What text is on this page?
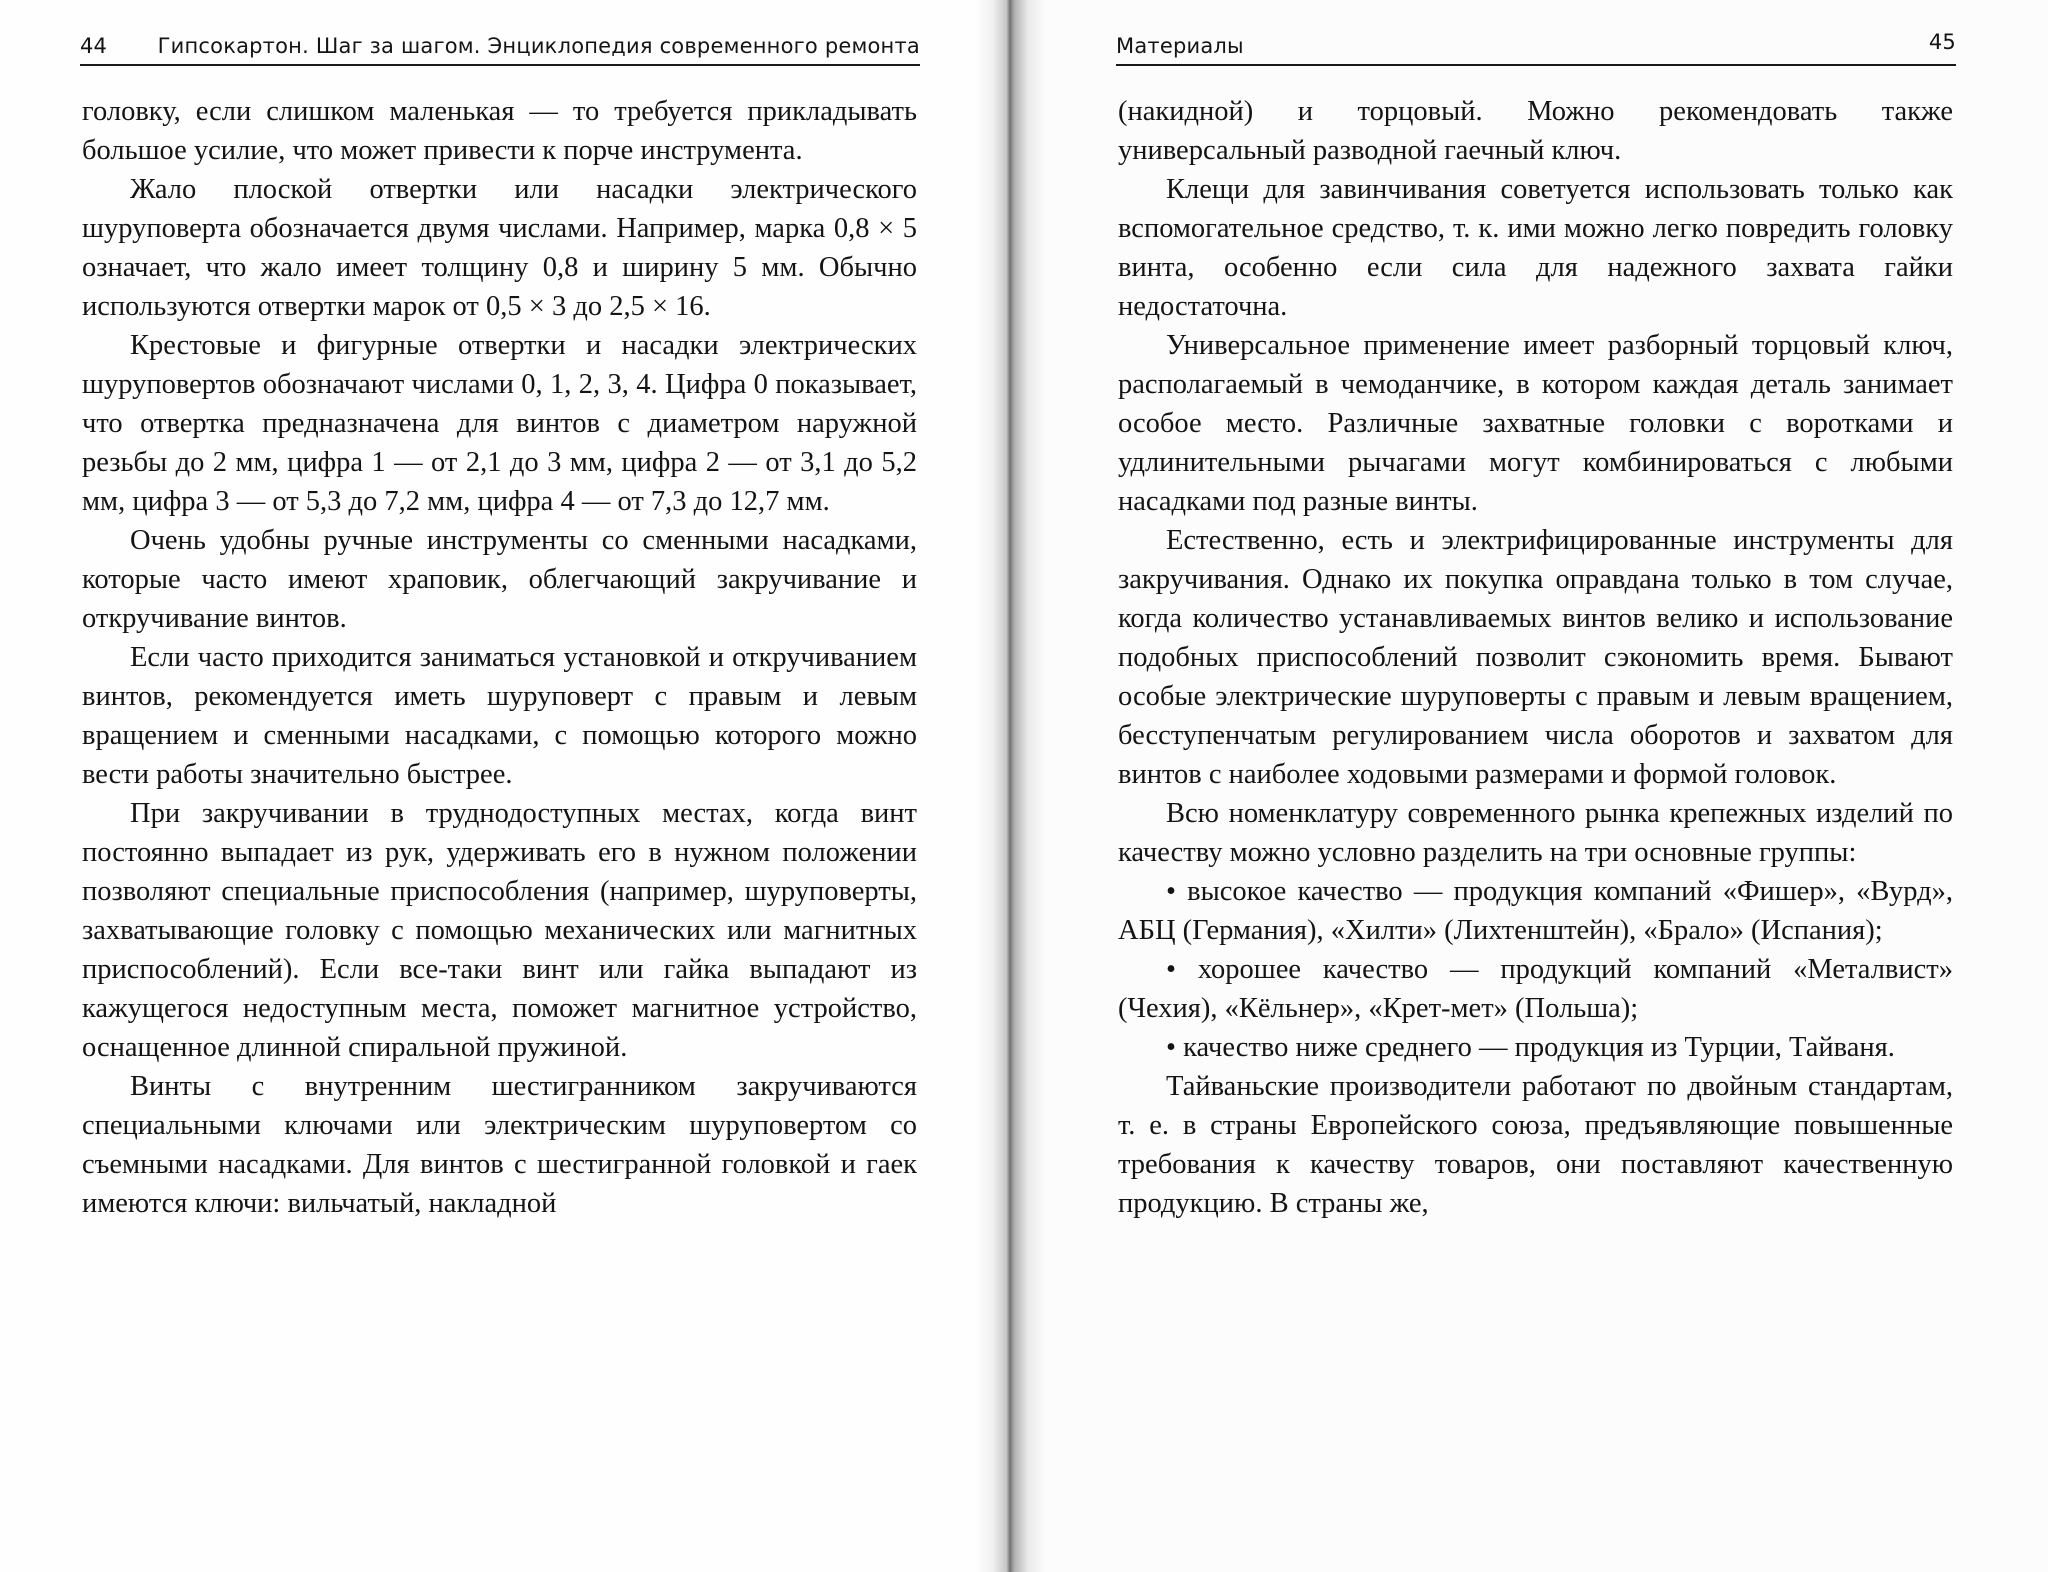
44 Гипсокартон. Шаг за шагом. Энциклопедия современного ремонта

головку, если слишком маленькая — то требуется прикладывать большое усилие, что может привести к порче инструмента.

Жало плоской отвертки или насадки электрического шуруповерта обозначается двумя числами. Например, марка 0,8 × 5 означает, что жало имеет толщину 0,8 и ширину 5 мм. Обычно используются отвертки марок от 0,5 × 3 до 2,5 × 16.

Крестовые и фигурные отвертки и насадки электрических шуруповертов обозначают числами 0, 1, 2, 3, 4. Цифра 0 показывает, что отвертка предназначена для винтов с диаметром наружной резьбы до 2 мм, цифра 1 — от 2,1 до 3 мм, цифра 2 — от 3,1 до 5,2 мм, цифра 3 — от 5,3 до 7,2 мм, цифра 4 — от 7,3 до 12,7 мм.

Очень удобны ручные инструменты со сменными насадками, которые часто имеют храповик, облегчающий закручивание и откручивание винтов.

Если часто приходится заниматься установкой и откручиванием винтов, рекомендуется иметь шуруповерт с правым и левым вращением и сменными насадками, с помощью которого можно вести работы значительно быстрее.

При закручивании в труднодоступных местах, когда винт постоянно выпадает из рук, удерживать его в нужном положении позволяют специальные приспособления (например, шуруповерты, захватывающие головку с помощью механических или магнитных приспособлений). Если все-таки винт или гайка выпадают из кажущегося недоступным места, поможет магнитное устройство, оснащенное длинной спиральной пружиной.

Винты с внутренним шестигранником закручиваются специальными ключами или электрическим шуруповертом со съемными насадками. Для винтов с шестигранной головкой и гаек имеются ключи: вильчатый, накладной

Материалы	45

(накидной) и торцовый. Можно рекомендовать также универсальный разводной гаечный ключ.

Клещи для завинчивания советуется использовать только как вспомогательное средство, т. к. ими можно легко повредить головку винта, особенно если сила для надежного захвата гайки недостаточна.

Универсальное применение имеет разборный торцовый ключ, располагаемый в чемоданчике, в котором каждая деталь занимает особое место. Различные захватные головки с воротками и удлинительными рычагами могут комбинироваться с любыми насадками под разные винты.

Естественно, есть и электрифицированные инструменты для закручивания. Однако их покупка оправдана только в том случае, когда количество устанавливаемых винтов велико и использование подобных приспособлений позволит сэкономить время. Бывают особые электрические шуруповерты с правым и левым вращением, бесступенчатым регулированием числа оборотов и захватом для винтов с наиболее ходовыми размерами и формой головок.

Всю номенклатуру современного рынка крепежных изделий по качеству можно условно разделить на три основные группы:

• высокое качество — продукция компаний «Фишер», «Вурд», АБЦ (Германия), «Хилти» (Лихтенштейн), «Брало» (Испания);

• хорошее качество — продукций компаний «Металвист» (Чехия), «Кёльнер», «Крет-мет» (Польша);

• качество ниже среднего — продукция из Турции, Тайваня.

Тайваньские производители работают по двойным стандартам, т. е. в страны Европейского союза, предъявляющие повышенные требования к качеству товаров, они поставляют качественную продукцию. В страны же,
